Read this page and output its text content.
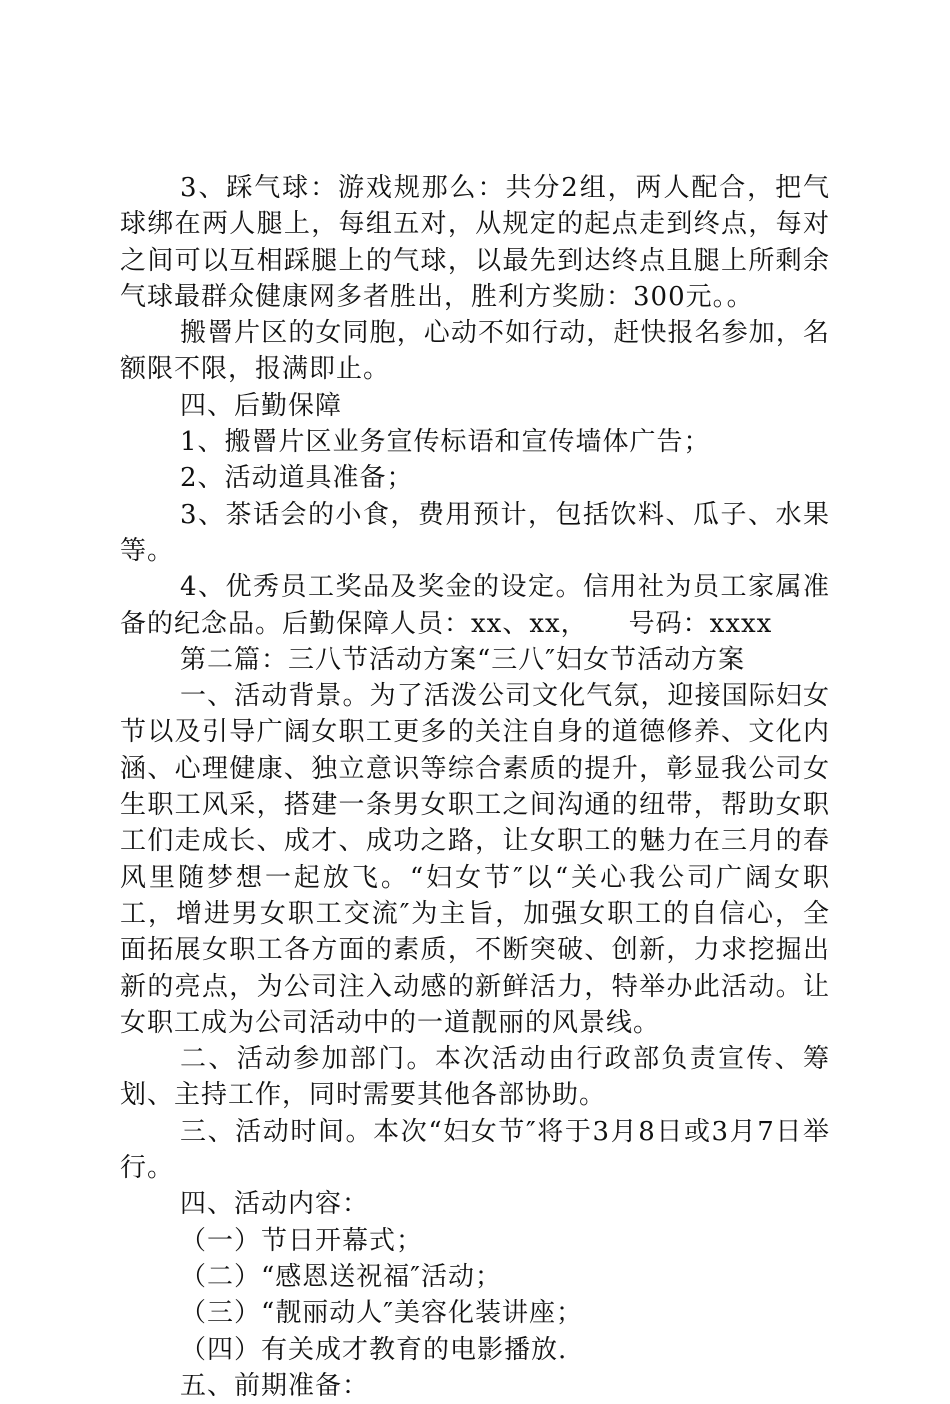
3、踩气球：游戏规那么：共分2组，两人配合，把气球绑在两人腿上，每组五对，从规定的起点走到终点，每对之间可以互相踩腿上的气球，以最先到达终点且腿上所剩余气球最群众健康网多者胜出，胜利方奖励：300元。。

搬罾片区的女同胞，心动不如行动，赶快报名参加，名额限不限，报满即止。

四、后勤保障

1、搬罾片区业务宣传标语和宣传墙体广告；

2、活动道具准备；

3、茶话会的小食，费用预计，包括饮料、瓜子、水果等。

4、优秀员工奖品及奖金的设定。信用社为员工家属准备的纪念品。后勤保障人员：xx、xx，　　号码：xxxx

第二篇：三八节活动方案“三八″妇女节活动方案

一、活动背景。为了活泼公司文化气氛，迎接国际妇女节以及引导广阔女职工更多的关注自身的道德修养、文化内涵、心理健康、独立意识等综合素质的提升，彰显我公司女生职工风采，搭建一条男女职工之间沟通的纽带，帮助女职工们走成长、成才、成功之路，让女职工的魅力在三月的春风里随梦想一起放飞。“妇女节″以“关心我公司广阔女职工，增进男女职工交流″为主旨，加强女职工的自信心，全面拓展女职工各方面的素质，不断突破、创新，力求挖掘出新的亮点，为公司注入动感的新鲜活力，特举办此活动。让女职工成为公司活动中的一道靓丽的风景线。

二、活动参加部门。本次活动由行政部负责宣传、筹划、主持工作，同时需要其他各部协助。

三、活动时间。本次“妇女节″将于3月8日或3月7日举行。

四、活动内容：

（一）节日开幕式；

（二）“感恩送祝福″活动；

（三）“靓丽动人″美容化装讲座；

（四）有关成才教育的电影播放.

五、前期准备：
